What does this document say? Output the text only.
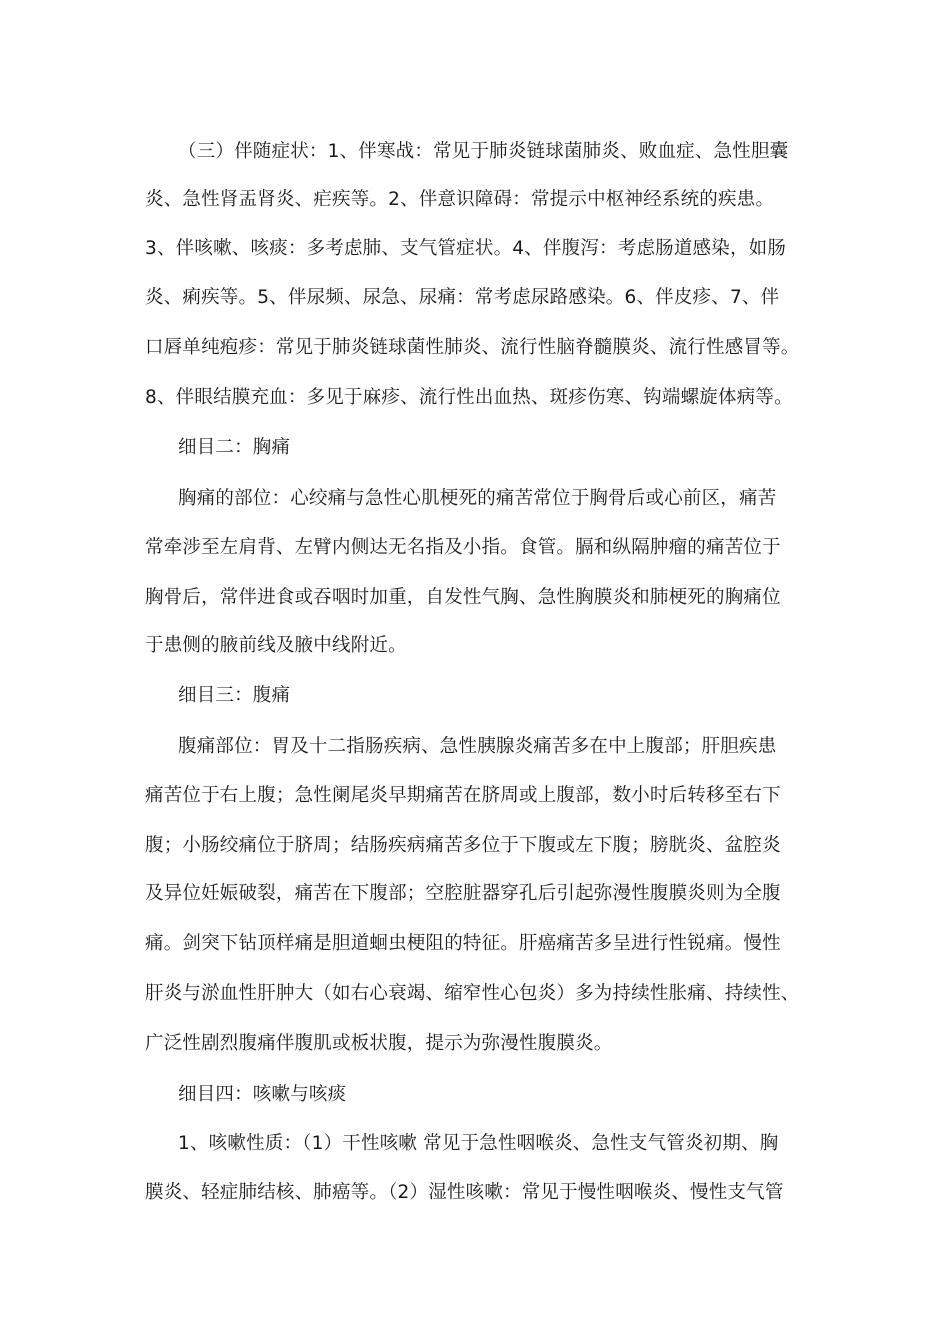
（三）伴随症状：1、伴寒战：常见于肺炎链球菌肺炎、败血症、急性胆囊
炎、急性肾盂肾炎、疟疾等。2、伴意识障碍：常提示中枢神经系统的疾患。
3、伴咳嗽、咳痰：多考虑肺、支气管症状。4、伴腹泻：考虑肠道感染，如肠
炎、痢疾等。5、伴尿频、尿急、尿痛：常考虑尿路感染。6、伴皮疹、7、伴
口唇单纯疱疹：常见于肺炎链球菌性肺炎、流行性脑脊髓膜炎、流行性感冒等。
8、伴眼结膜充血：多见于麻疹、流行性出血热、斑疹伤寒、钩端螺旋体病等。
细目二：胸痛
胸痛的部位：心绞痛与急性心肌梗死的痛苦常位于胸骨后或心前区，痛苦
常牵涉至左肩背、左臂内侧达无名指及小指。食管。膈和纵隔肿瘤的痛苦位于
胸骨后，常伴进食或吞咽时加重，自发性气胸、急性胸膜炎和肺梗死的胸痛位
于患侧的腋前线及腋中线附近。
细目三：腹痛
腹痛部位：胃及十二指肠疾病、急性胰腺炎痛苦多在中上腹部；肝胆疾患
痛苦位于右上腹；急性阑尾炎早期痛苦在脐周或上腹部，数小时后转移至右下
腹；小肠绞痛位于脐周；结肠疾病痛苦多位于下腹或左下腹；膀胱炎、盆腔炎
及异位妊娠破裂，痛苦在下腹部；空腔脏器穿孔后引起弥漫性腹膜炎则为全腹
痛。剑突下钻顶样痛是胆道蛔虫梗阻的特征。肝癌痛苦多呈进行性锐痛。慢性
肝炎与淤血性肝肿大（如右心衰竭、缩窄性心包炎）多为持续性胀痛、持续性、
广泛性剧烈腹痛伴腹肌或板状腹，提示为弥漫性腹膜炎。
细目四：咳嗽与咳痰
1、咳嗽性质：（1）干性咳嗽 常见于急性咽喉炎、急性支气管炎初期、胸
膜炎、轻症肺结核、肺癌等。（2）湿性咳嗽：常见于慢性咽喉炎、慢性支气管
